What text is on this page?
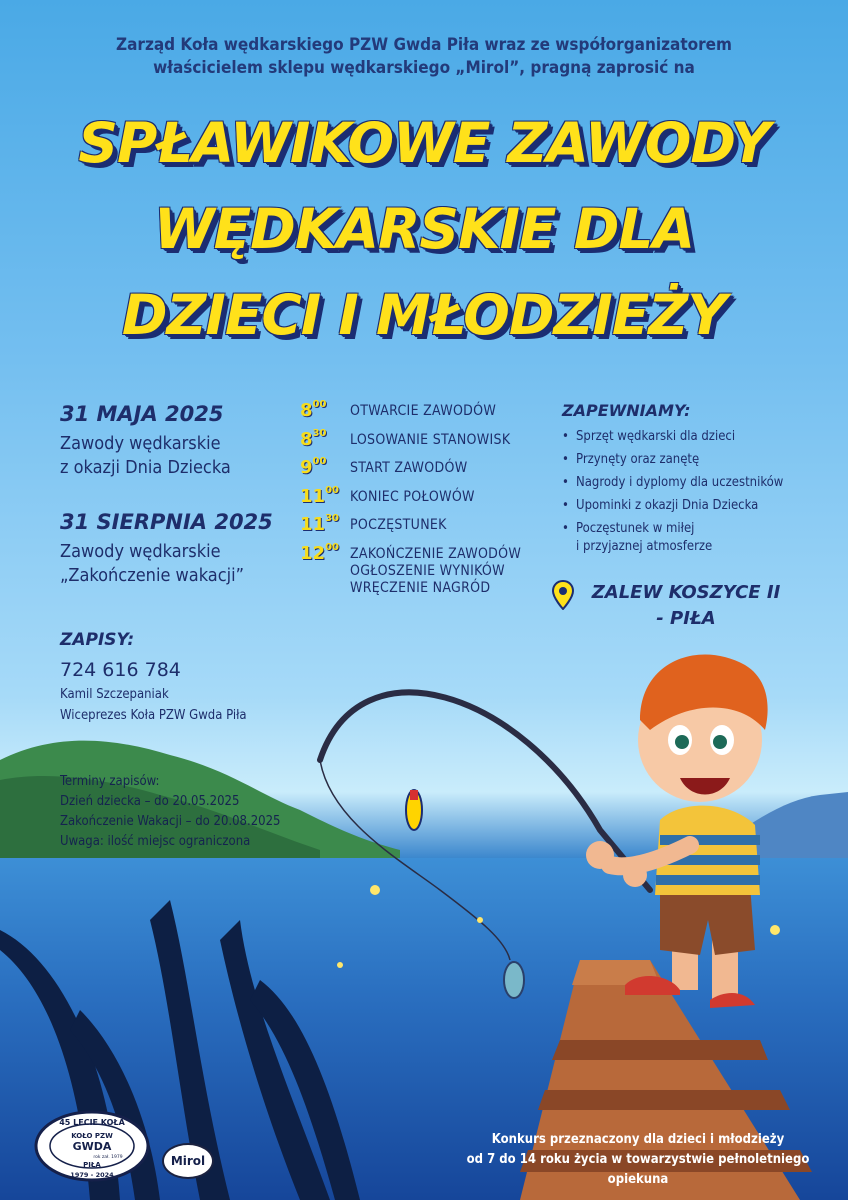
Zarząd Koła wędkarskiego PZW Gwda Piła wraz ze współorganizatorem
właścicielem sklepu wędkarskiego „Mirol”, pragną zaprosić na
SPŁAWIKOWE ZAWODY
WĘDKARSKIE DLA
DZIECI I MŁODZIEŻY

31 MAJA 2025

Zawody wędkarskie
z okazji Dnia Dziecka

31 SIERPNIA 2025

Zawody wędkarskie
„Zakończenie wakacji”

$8^{00}$	OTWARCIE ZAWODÓW
$8^{30}$	LOSOWANIE STANOWISK
$9^{00}$	START ZAWODÓW
$11^{00}$ KONIEC POŁOWÓW
$11^{30}$ POCZĘSTUNEK
$12^{00}$ ZAKOŃCZENIE ZAWODÓW
OGŁOSZENIE WYNIKÓW
WRĘCZENIE NAGRÓD
ZAPEWNIAMY:
• Sprzęt wędkarski dla dzieci
• Przynęty oraz zanętę
• Nagrody i dyplomy dla uczestników
• Upominki z okazji Dnia Dziecka
• Poczęstunek w miłej
i przyjaznej atmosferze
ZALEW KOSZYCE II
- PIŁA
ZAPISY:
724 616 784
Kamil Szczepaniak
Wiceprezes Koła PZW Gwda Piła
Terminy zapisów:
Dzień dziecka – do 20.05.2025
Zakończenie Wakacji – do 20.08.2025
Uwaga: ilość miejsc ograniczona
Konkurs przeznaczony dla dzieci i młodzieży
od 7 do 14 roku życia w towarzystwie pełnoletniego opiekuna
45 LECIE KOŁA
KOŁO PZW
GWDA
rok zał. 1979
PIŁA
1979 - 2024
Mirol
